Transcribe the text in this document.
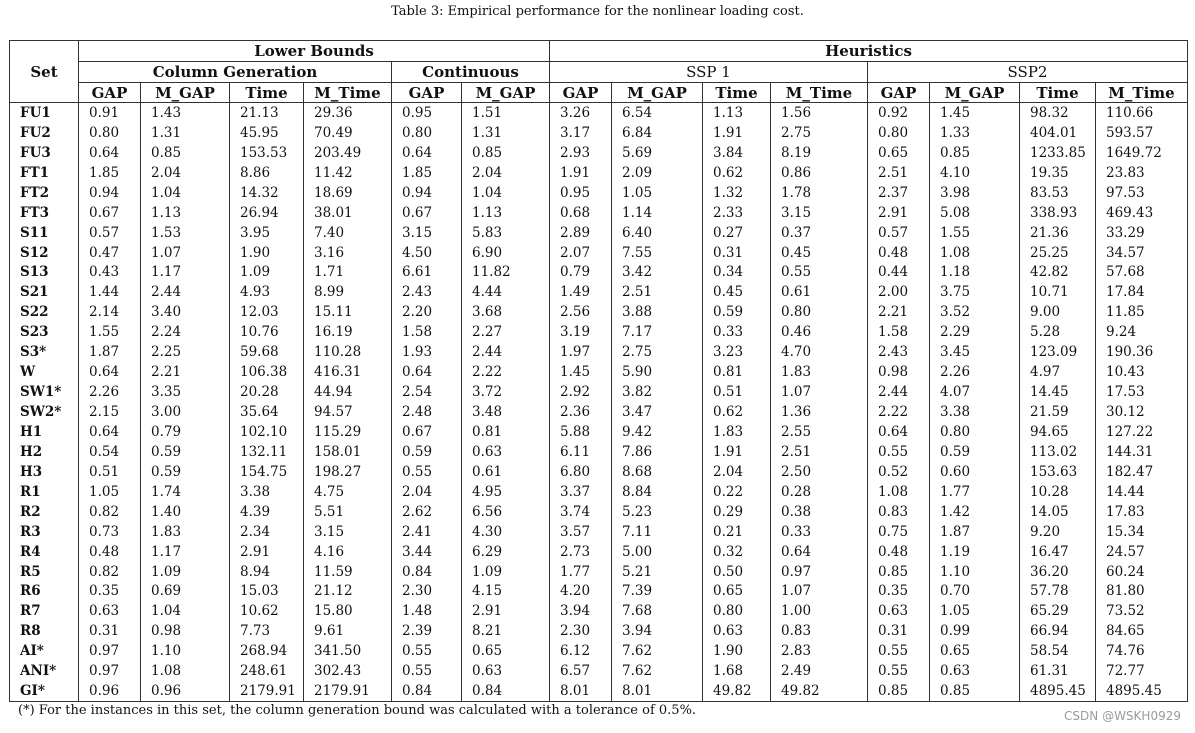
Table 3: Empirical performance for the nonlinear loading cost.
Set	Lower Bounds						Heuristics							
	Column Generation				Continuous		SSP 1				SSP2			
	GAP	M_GAP	Time	M_Time	GAP	M_GAP	GAP	M_GAP	Time	M_Time	GAP	M_GAP	Time	M_Time
FU1	0.91	1.43	21.13	29.36	0.95	1.51	3.26	6.54	1.13	1.56	0.92	1.45	98.32	110.66
FU2	0.80	1.31	45.95	70.49	0.80	1.31	3.17	6.84	1.91	2.75	0.80	1.33	404.01	593.57
FU3	0.64	0.85	153.53	203.49	0.64	0.85	2.93	5.69	3.84	8.19	0.65	0.85	1233.85	1649.72
FT1	1.85	2.04	8.86	11.42	1.85	2.04	1.91	2.09	0.62	0.86	2.51	4.10	19.35	23.83
FT2	0.94	1.04	14.32	18.69	0.94	1.04	0.95	1.05	1.32	1.78	2.37	3.98	83.53	97.53
FT3	0.67	1.13	26.94	38.01	0.67	1.13	0.68	1.14	2.33	3.15	2.91	5.08	338.93	469.43
S11	0.57	1.53	3.95	7.40	3.15	5.83	2.89	6.40	0.27	0.37	0.57	1.55	21.36	33.29
S12	0.47	1.07	1.90	3.16	4.50	6.90	2.07	7.55	0.31	0.45	0.48	1.08	25.25	34.57
S13	0.43	1.17	1.09	1.71	6.61	11.82	0.79	3.42	0.34	0.55	0.44	1.18	42.82	57.68
S21	1.44	2.44	4.93	8.99	2.43	4.44	1.49	2.51	0.45	0.61	2.00	3.75	10.71	17.84
S22	2.14	3.40	12.03	15.11	2.20	3.68	2.56	3.88	0.59	0.80	2.21	3.52	9.00	11.85
S23	1.55	2.24	10.76	16.19	1.58	2.27	3.19	7.17	0.33	0.46	1.58	2.29	5.28	9.24
S3*	1.87	2.25	59.68	110.28	1.93	2.44	1.97	2.75	3.23	4.70	2.43	3.45	123.09	190.36
W	0.64	2.21	106.38	416.31	0.64	2.22	1.45	5.90	0.81	1.83	0.98	2.26	4.97	10.43
SW1*	2.26	3.35	20.28	44.94	2.54	3.72	2.92	3.82	0.51	1.07	2.44	4.07	14.45	17.53
SW2*	2.15	3.00	35.64	94.57	2.48	3.48	2.36	3.47	0.62	1.36	2.22	3.38	21.59	30.12
H1	0.64	0.79	102.10	115.29	0.67	0.81	5.88	9.42	1.83	2.55	0.64	0.80	94.65	127.22
H2	0.54	0.59	132.11	158.01	0.59	0.63	6.11	7.86	1.91	2.51	0.55	0.59	113.02	144.31
H3	0.51	0.59	154.75	198.27	0.55	0.61	6.80	8.68	2.04	2.50	0.52	0.60	153.63	182.47
R1	1.05	1.74	3.38	4.75	2.04	4.95	3.37	8.84	0.22	0.28	1.08	1.77	10.28	14.44
R2	0.82	1.40	4.39	5.51	2.62	6.56	3.74	5.23	0.29	0.38	0.83	1.42	14.05	17.83
R3	0.73	1.83	2.34	3.15	2.41	4.30	3.57	7.11	0.21	0.33	0.75	1.87	9.20	15.34
R4	0.48	1.17	2.91	4.16	3.44	6.29	2.73	5.00	0.32	0.64	0.48	1.19	16.47	24.57
R5	0.82	1.09	8.94	11.59	0.84	1.09	1.77	5.21	0.50	0.97	0.85	1.10	36.20	60.24
R6	0.35	0.69	15.03	21.12	2.30	4.15	4.20	7.39	0.65	1.07	0.35	0.70	57.78	81.80
R7	0.63	1.04	10.62	15.80	1.48	2.91	3.94	7.68	0.80	1.00	0.63	1.05	65.29	73.52
R8	0.31	0.98	7.73	9.61	2.39	8.21	2.30	3.94	0.63	0.83	0.31	0.99	66.94	84.65
AI*	0.97	1.10	268.94	341.50	0.55	0.65	6.12	7.62	1.90	2.83	0.55	0.65	58.54	74.76
ANI*	0.97	1.08	248.61	302.43	0.55	0.63	6.57	7.62	1.68	2.49	0.55	0.63	61.31	72.77
GI*	0.96	0.96	2179.91	2179.91	0.84	0.84	8.01	8.01	49.82	49.82	0.85	0.85	4895.45	4895.45
(*) For the instances in this set, the column generation bound was calculated with a tolerance of 0.5%.	CSDN @WSKH0929
